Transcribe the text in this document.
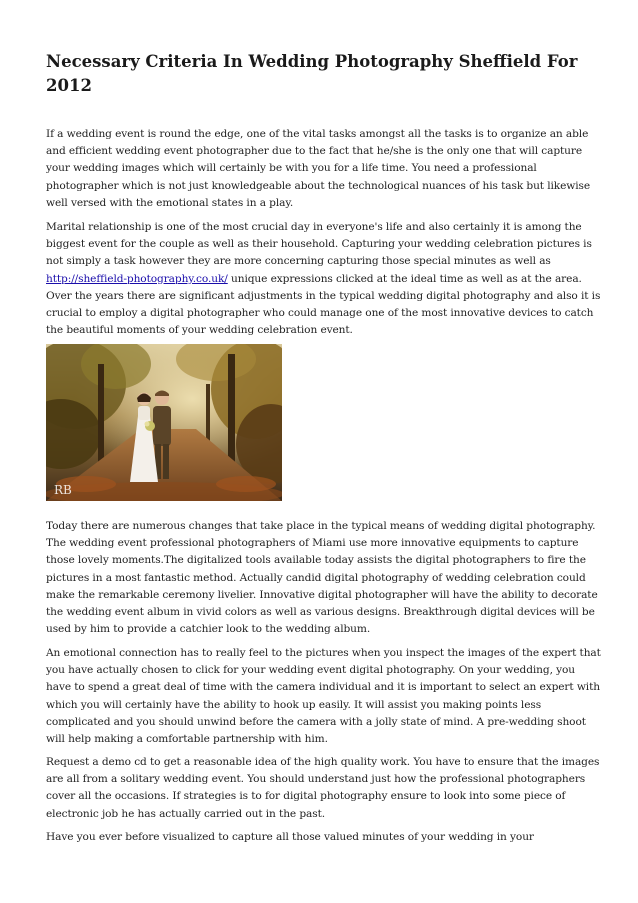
Necessary Criteria In Wedding Photography Sheffield For 2012

If a wedding event is round the edge, one of the vital tasks amongst all the tasks is to organize an able and efficient wedding event photographer due to the fact that he/she is the only one that will capture your wedding images which will certainly be with you for a life time. You need a professional photographer which is not just knowledgeable about the technological nuances of his task but likewise well versed with the emotional states in a play.

Marital relationship is one of the most crucial day in everyone's life and also certainly it is among the biggest event for the couple as well as their household. Capturing your wedding celebration pictures is not simply a task however they are more concerning capturing those special minutes as well as http://sheffield-photography.co.uk/ unique expressions clicked at the ideal time as well as at the area. Over the years there are significant adjustments in the typical wedding digital photography and also it is crucial to employ a digital photographer who could manage one of the most innovative devices to catch the beautiful moments of your wedding celebration event.

RB

Today there are numerous changes that take place in the typical means of wedding digital photography. The wedding event professional photographers of Miami use more innovative equipments to capture those lovely moments.The digitalized tools available today assists the digital photographers to fire the pictures in a most fantastic method. Actually candid digital photography of wedding celebration could make the remarkable ceremony livelier. Innovative digital photographer will have the ability to decorate the wedding event album in vivid colors as well as various designs. Breakthrough digital devices will be used by him to provide a catchier look to the wedding album.

An emotional connection has to really feel to the pictures when you inspect the images of the expert that you have actually chosen to click for your wedding event digital photography. On your wedding, you have to spend a great deal of time with the camera individual and it is important to select an expert with which you will certainly have the ability to hook up easily. It will assist you making points less complicated and you should unwind before the camera with a jolly state of mind. A pre-wedding shoot will help making a comfortable partnership with him.

Request a demo cd to get a reasonable idea of the high quality work. You have to ensure that the images are all from a solitary wedding event. You should understand just how the professional photographers cover all the occasions. If strategies is to for digital photography ensure to look into some piece of electronic job he has actually carried out in the past.

Have you ever before visualized to capture all those valued minutes of your wedding in your
